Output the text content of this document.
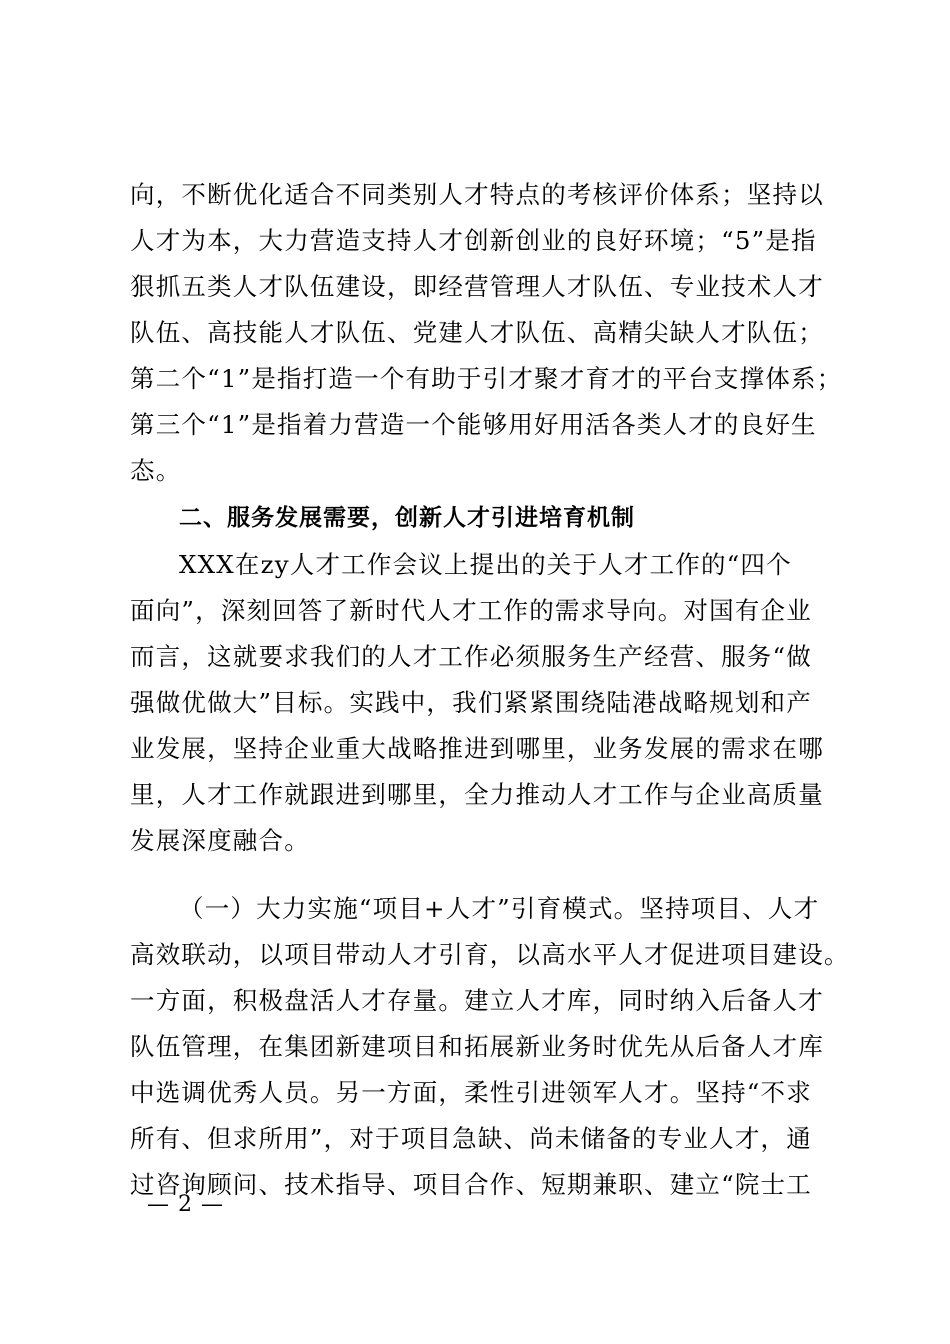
向，不断优化适合不同类别人才特点的考核评价体系；坚持以
人才为本，大力营造支持人才创新创业的良好环境；“5”是指
狠抓五类人才队伍建设，即经营管理人才队伍、专业技术人才
队伍、高技能人才队伍、党建人才队伍、高精尖缺人才队伍；
第二个“1”是指打造一个有助于引才聚才育才的平台支撑体系；
第三个“1”是指着力营造一个能够用好用活各类人才的良好生
态。
二、服务发展需要，创新人才引进培育机制
XXX在zy人才工作会议上提出的关于人才工作的“四个
面向”，深刻回答了新时代人才工作的需求导向。对国有企业
而言，这就要求我们的人才工作必须服务生产经营、服务“做
强做优做大”目标。实践中，我们紧紧围绕陆港战略规划和产
业发展，坚持企业重大战略推进到哪里，业务发展的需求在哪
里，人才工作就跟进到哪里，全力推动人才工作与企业高质量
发展深度融合。
（一）大力实施“项目+人才”引育模式。坚持项目、人才
高效联动，以项目带动人才引育，以高水平人才促进项目建设。
一方面，积极盘活人才存量。建立人才库，同时纳入后备人才
队伍管理，在集团新建项目和拓展新业务时优先从后备人才库
中选调优秀人员。另一方面，柔性引进领军人才。坚持“不求
所有、但求所用”，对于项目急缺、尚未储备的专业人才，通
过咨询顾问、技术指导、项目合作、短期兼职、建立“院士工
— 2 —
